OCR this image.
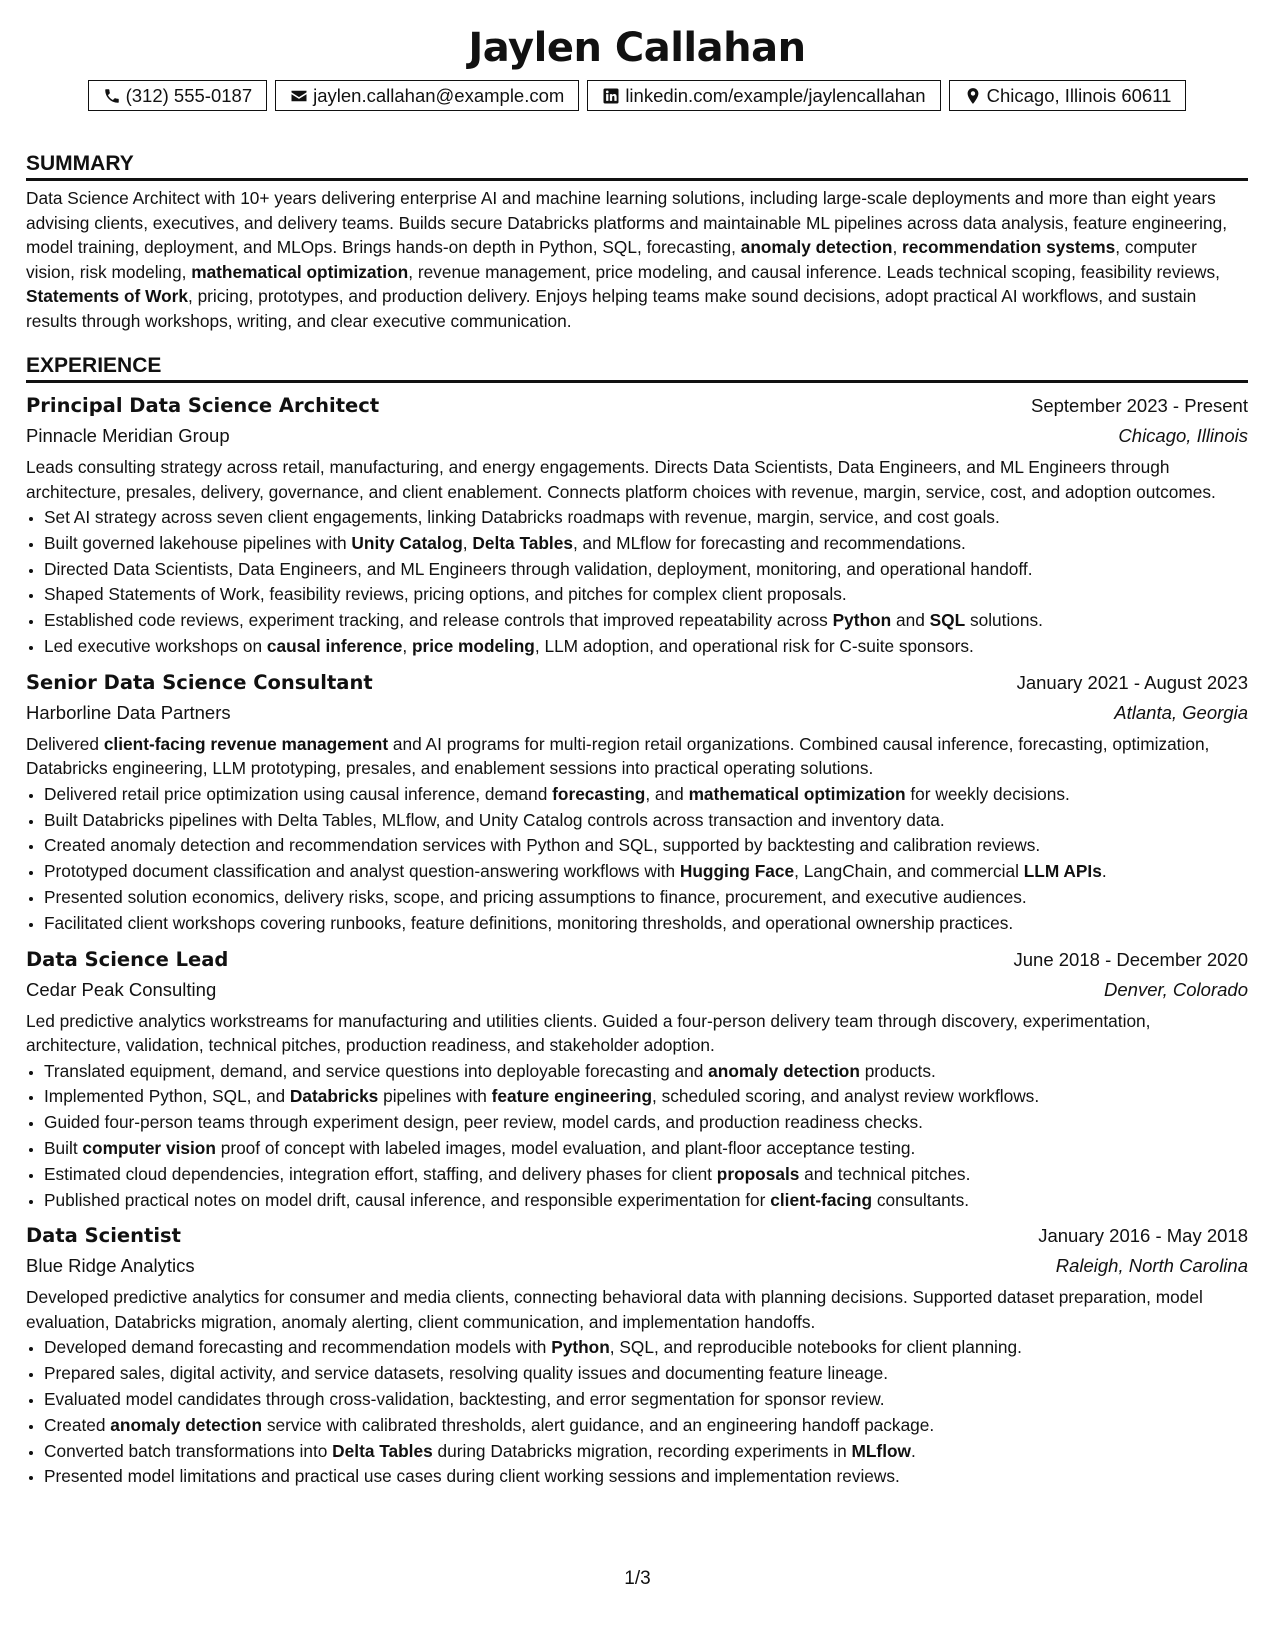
Jaylen Callahan
(312) 555-0187	jaylen.callahan@example.com	linkedin.com/example/jaylencallahan	Chicago, Illinois 60611
SUMMARY
Data Science Architect with 10+ years delivering enterprise AI and machine learning solutions, including large-scale deployments and more than eight years advising clients, executives, and delivery teams. Builds secure Databricks platforms and maintainable ML pipelines across data analysis, feature engineering, model training, deployment, and MLOps. Brings hands-on depth in Python, SQL, forecasting, anomaly detection, recommendation systems, computer vision, risk modeling, mathematical optimization, revenue management, price modeling, and causal inference. Leads technical scoping, feasibility reviews, Statements of Work, pricing, prototypes, and production delivery. Enjoys helping teams make sound decisions, adopt practical AI workflows, and sustain results through workshops, writing, and clear executive communication.
EXPERIENCE
Principal Data Science Architect	September 2023 - Present
Pinnacle Meridian Group	Chicago, Illinois
Leads consulting strategy across retail, manufacturing, and energy engagements. Directs Data Scientists, Data Engineers, and ML Engineers through architecture, presales, delivery, governance, and client enablement. Connects platform choices with revenue, margin, service, cost, and adoption outcomes.
• Set AI strategy across seven client engagements, linking Databricks roadmaps with revenue, margin, service, and cost goals.
• Built governed lakehouse pipelines with Unity Catalog, Delta Tables, and MLflow for forecasting and recommendations.
• Directed Data Scientists, Data Engineers, and ML Engineers through validation, deployment, monitoring, and operational handoff.
• Shaped Statements of Work, feasibility reviews, pricing options, and pitches for complex client proposals.
• Established code reviews, experiment tracking, and release controls that improved repeatability across Python and SQL solutions.
• Led executive workshops on causal inference, price modeling, LLM adoption, and operational risk for C-suite sponsors.
Senior Data Science Consultant	January 2021 - August 2023
Harborline Data Partners	Atlanta, Georgia
Delivered client-facing revenue management and AI programs for multi-region retail organizations. Combined causal inference, forecasting, optimization, Databricks engineering, LLM prototyping, presales, and enablement sessions into practical operating solutions.
• Delivered retail price optimization using causal inference, demand forecasting, and mathematical optimization for weekly decisions.
• Built Databricks pipelines with Delta Tables, MLflow, and Unity Catalog controls across transaction and inventory data.
• Created anomaly detection and recommendation services with Python and SQL, supported by backtesting and calibration reviews.
• Prototyped document classification and analyst question-answering workflows with Hugging Face, LangChain, and commercial LLM APIs.
• Presented solution economics, delivery risks, scope, and pricing assumptions to finance, procurement, and executive audiences.
• Facilitated client workshops covering runbooks, feature definitions, monitoring thresholds, and operational ownership practices.
Data Science Lead	June 2018 - December 2020
Cedar Peak Consulting	Denver, Colorado
Led predictive analytics workstreams for manufacturing and utilities clients. Guided a four-person delivery team through discovery, experimentation, architecture, validation, technical pitches, production readiness, and stakeholder adoption.
• Translated equipment, demand, and service questions into deployable forecasting and anomaly detection products.
• Implemented Python, SQL, and Databricks pipelines with feature engineering, scheduled scoring, and analyst review workflows.
• Guided four-person teams through experiment design, peer review, model cards, and production readiness checks.
• Built computer vision proof of concept with labeled images, model evaluation, and plant-floor acceptance testing.
• Estimated cloud dependencies, integration effort, staffing, and delivery phases for client proposals and technical pitches.
• Published practical notes on model drift, causal inference, and responsible experimentation for client-facing consultants.
Data Scientist	January 2016 - May 2018
Blue Ridge Analytics	Raleigh, North Carolina
Developed predictive analytics for consumer and media clients, connecting behavioral data with planning decisions. Supported dataset preparation, model evaluation, Databricks migration, anomaly alerting, client communication, and implementation handoffs.
• Developed demand forecasting and recommendation models with Python, SQL, and reproducible notebooks for client planning.
• Prepared sales, digital activity, and service datasets, resolving quality issues and documenting feature lineage.
• Evaluated model candidates through cross-validation, backtesting, and error segmentation for sponsor review.
• Created anomaly detection service with calibrated thresholds, alert guidance, and an engineering handoff package.
• Converted batch transformations into Delta Tables during Databricks migration, recording experiments in MLflow.
• Presented model limitations and practical use cases during client working sessions and implementation reviews.
1/3
